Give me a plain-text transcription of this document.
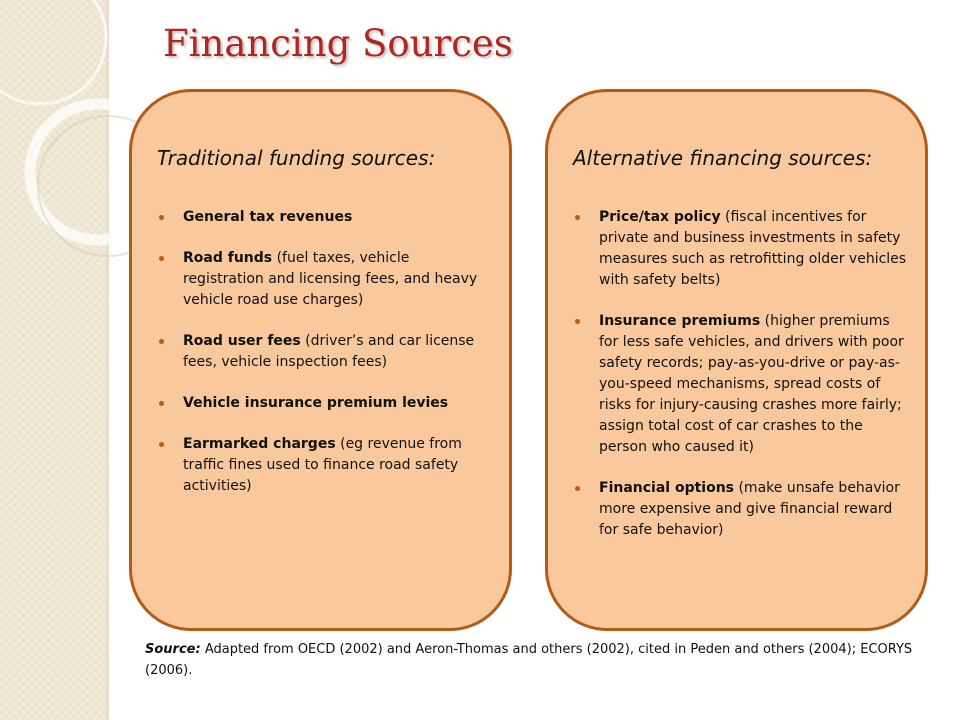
Financing Sources
Traditional funding sources:
General tax revenues
Road funds (fuel taxes, vehicle registration and licensing fees, and heavy vehicle road use charges)
Road user fees (driver’s and car license fees, vehicle inspection fees)
Vehicle insurance premium levies
Earmarked charges (eg revenue from traffic fines used to finance road safety activities)
Alternative financing sources:
Price/tax policy (fiscal incentives for private and business investments in safety measures such as retrofitting older vehicles with safety belts)
Insurance premiums (higher premiums for less safe vehicles, and drivers with poor safety records; pay-as-you-drive or pay-as-you-speed mechanisms, spread costs of risks for injury-causing crashes more fairly; assign total cost of car crashes to the person who caused it)
Financial options (make unsafe behavior more expensive and give financial reward for safe behavior)

Source: Adapted from OECD (2002) and Aeron-Thomas and others (2002), cited in Peden and others (2004); ECORYS (2006).
